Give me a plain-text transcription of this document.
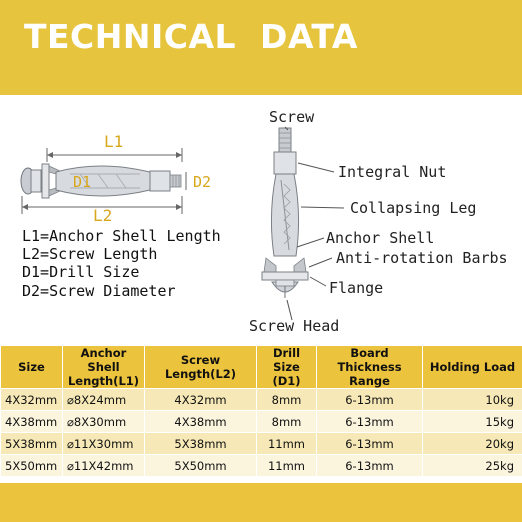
TECHNICAL  DATA
L1
L2
D1	D2
L1=Anchor Shell Length
L2=Screw Length
D1=Drill Size
D2=Screw Diameter
Screw
Integral Nut
Collapsing Leg
Anchor Shell
Anti-rotation Barbs
Flange
Screw Head
Size	Anchor Shell Length(L1)	Screw Length(L2)	Drill Size (D1)	Board Thickness Range	Holding Load
4X32mm	⌀8X24mm	4X32mm	8mm	6-13mm	10kg
4X38mm	⌀8X30mm	4X38mm	8mm	6-13mm	15kg
5X38mm	⌀11X30mm	5X38mm	11mm	6-13mm	20kg
5X50mm	⌀11X42mm	5X50mm	11mm	6-13mm	25kg
